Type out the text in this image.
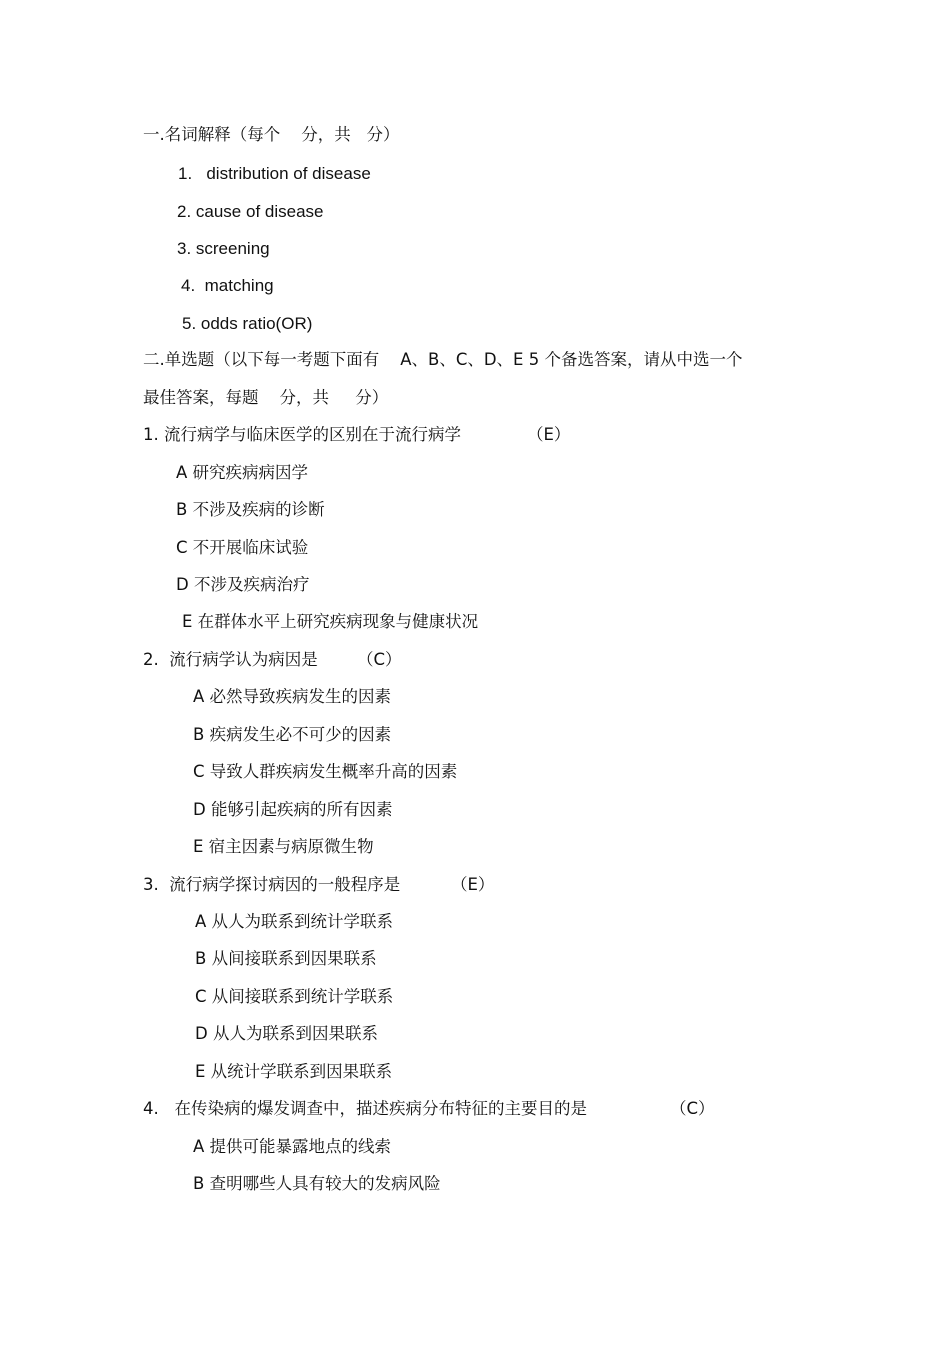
一.名词解释（每个    分，共   分）
1.   distribution of disease
2. cause of disease
3. screening
4.  matching
5. odds ratio(OR)
二.单选题（以下每一考题下面有    A、B、C、D、E 5 个备选答案，请从中选一个
最佳答案，每题    分，共     分）
1. 流行病学与临床医学的区别在于流行病学	（E）
A 研究疾病病因学
B 不涉及疾病的诊断
C 不开展临床试验
D 不涉及疾病治疗
E 在群体水平上研究疾病现象与健康状况
2.  流行病学认为病因是 （C）
A 必然导致疾病发生的因素
B 疾病发生必不可少的因素
C 导致人群疾病发生概率升高的因素
D 能够引起疾病的所有因素
E 宿主因素与病原微生物
3.  流行病学探讨病因的一般程序是	（E）
A 从人为联系到统计学联系
B 从间接联系到因果联系
C 从间接联系到统计学联系
D 从人为联系到因果联系
E 从统计学联系到因果联系
4.   在传染病的爆发调查中，描述疾病分布特征的主要目的是	（C）
A 提供可能暴露地点的线索
B 查明哪些人具有较大的发病风险
